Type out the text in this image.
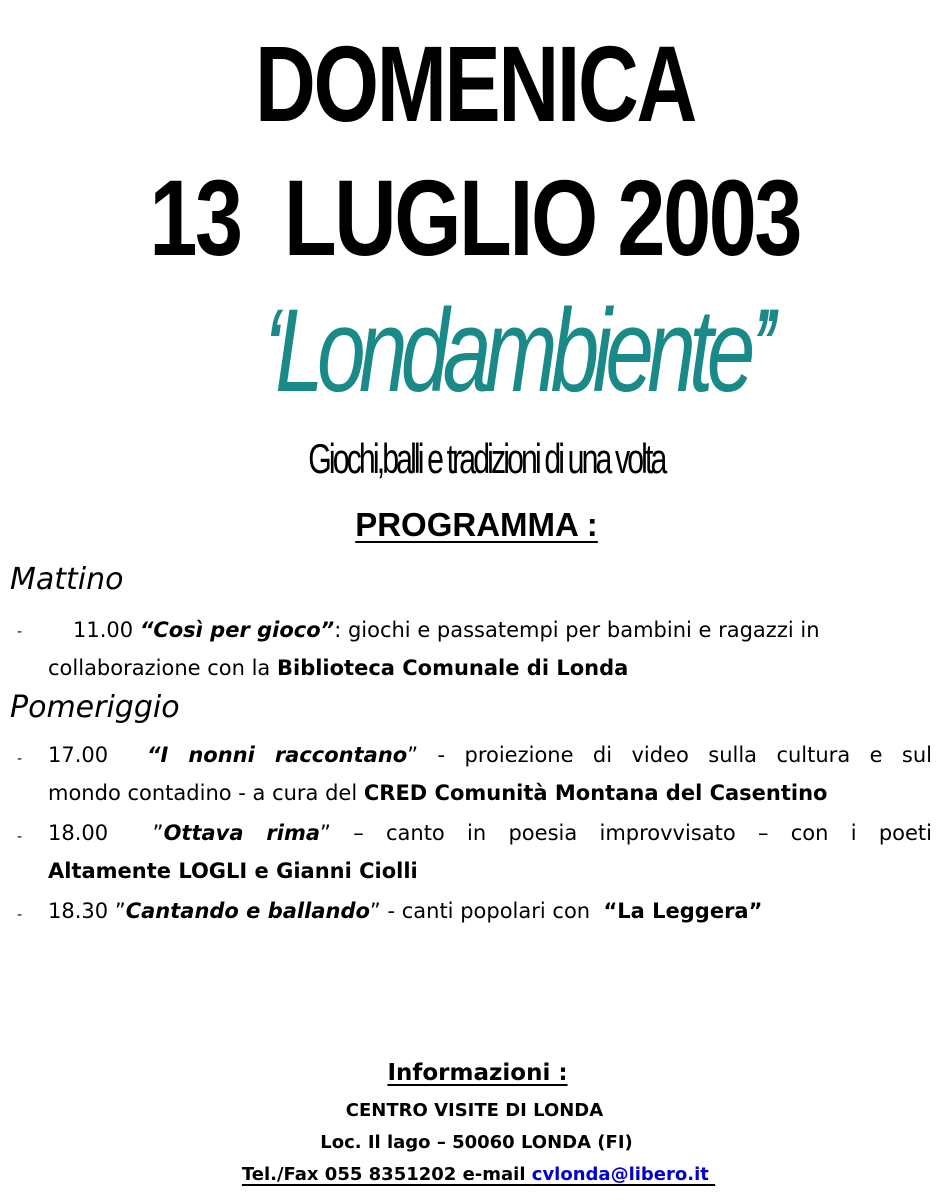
DOMENICA
13  LUGLIO 2003
‘Londambiente’’
Giochi,balli e tradizioni di una volta
PROGRAMMA :
Mattino
-	11.00 “Così per gioco”: giochi e passatempi per bambini e ragazzi in
collaborazione con la Biblioteca Comunale di Londa
Pomeriggio
- 17.00 “I nonni raccontano” - proiezione di video sulla cultura e sul
mondo contadino - a cura del CRED Comunità Montana del Casentino
- 18.00 ”Ottava rima” – canto in poesia improvvisato – con i poeti
Altamente LOGLI e Gianni Ciolli
- 18.30 ”Cantando e ballando” - canti popolari con  “La Leggera”
Informazioni :
CENTRO VISITE DI LONDA
Loc. Il lago – 50060 LONDA (FI)
Tel./Fax 055 8351202 e-mail cvlonda@libero.it
